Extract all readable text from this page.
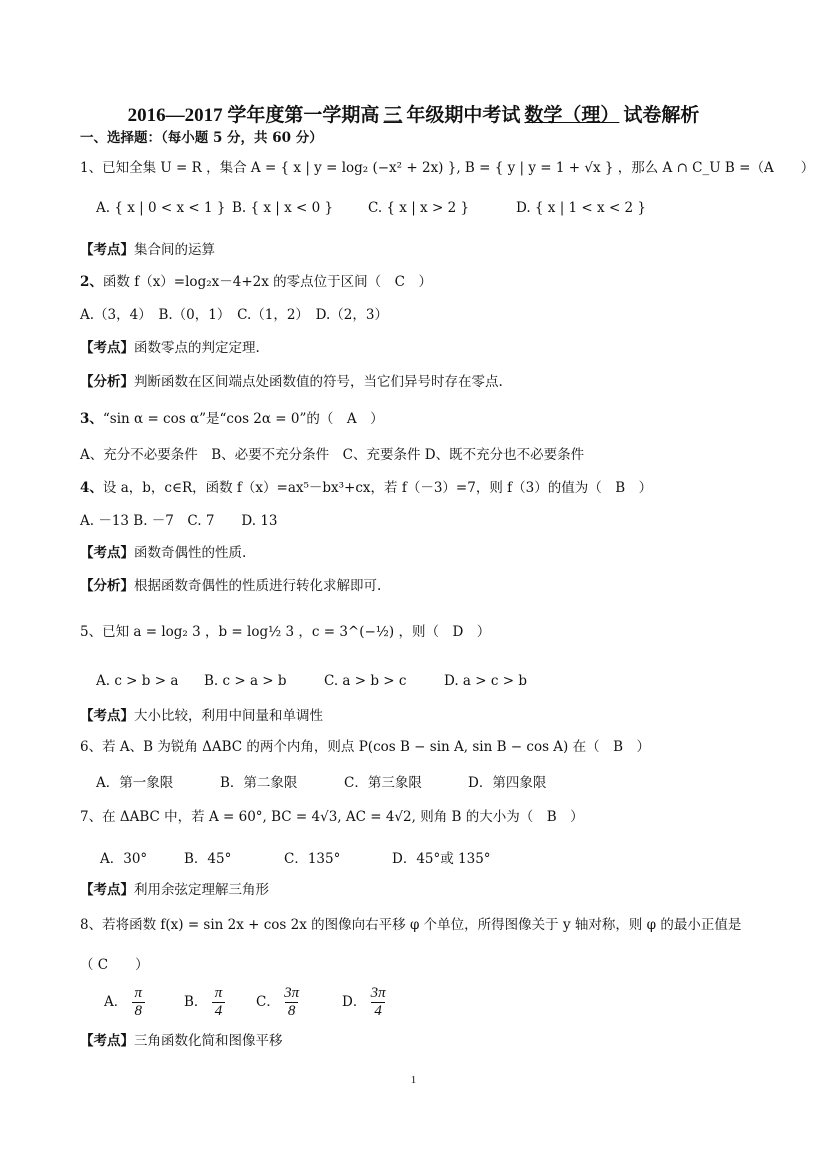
2016—2017 学年度第一学期高 三 年级期中考试 数学（理） 试卷解析
一、选择题：（每小题 5 分，共 60 分）
1、已知全集 U = R ，集合 A = { x | y = log₂ (−x² + 2x) }, B = { y | y = 1 + √x } ，那么 A ∩ C_U B =（A　　）
A. { x | 0 < x < 1 } B. { x | x < 0 }	C. { x | x > 2 }	D. { x | 1 < x < 2 }
【考点】集合间的运算
2、函数 f（x）=log₂x－4+2x 的零点位于区间（　C　）
A.（3，4）　B.（0，1）　C.（1，2）　D.（2，3）
【考点】函数零点的判定定理.
【分析】判断函数在区间端点处函数值的符号，当它们异号时存在零点.
3、“sin α = cos α”是“cos 2α = 0”的（　A　）
A、充分不必要条件　B、必要不充分条件　C、充要条件 D、既不充分也不必要条件
4、设 a，b，c∈R，函数 f（x）=ax⁵－bx³+cx，若 f（－3）=7，则 f（3）的值为（　B　）
A. －13 B. －7　C. 7　　D. 13
【考点】函数奇偶性的性质.
【分析】根据函数奇偶性的性质进行转化求解即可.
5、已知 a = log₂ 3 ，b = log½ 3 ，c = 3^(−½) ，则（　D　）
A. c > b > a B. c > a > b	C. a > b > c	D. a > c > b
【考点】大小比较，利用中间量和单调性
6、若 A、B 为锐角 ΔABC 的两个内角，则点 P(cos B − sin A, sin B − cos A) 在（　B　）
A．第一象限	B．第二象限	C．第三象限	D．第四象限
7、在 ΔABC 中，若 A = 60°, BC = 4√3, AC = 4√2, 则角 B 的大小为（　B　）
A．30°	B．45°	C．135°	D．45°或 135°
【考点】利用余弦定理解三角形
8、若将函数 f(x) = sin 2x + cos 2x 的图像向右平移 φ 个单位，所得图像关于 y 轴对称，则 φ 的最小正值是
（ C　　）
A． $\frac{\pi}{8}$	B． $\frac{\pi}{4}$ C． $\frac{3\pi}{8}$	D． $\frac{3\pi}{4}$
【考点】三角函数化简和图像平移
1
